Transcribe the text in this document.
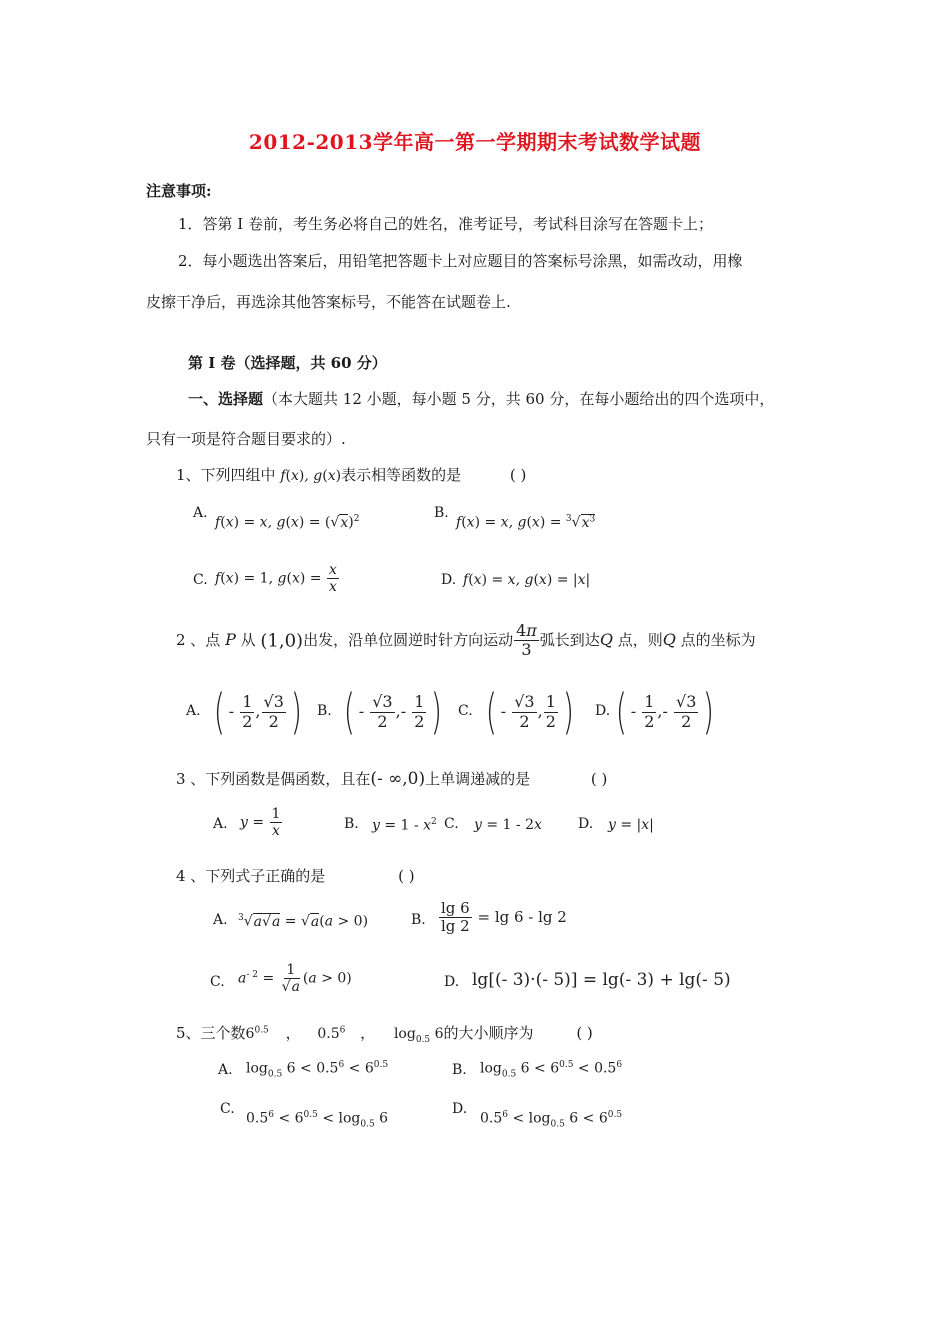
2012-2013学年高一第一学期期末考试数学试题
注意事项:
1．答第 I 卷前，考生务必将自己的姓名，准考证号，考试科目涂写在答题卡上；
2．每小题选出答案后，用铅笔把答题卡上对应题目的答案标号涂黑，如需改动，用橡
皮擦干净后，再选涂其他答案标号，不能答在试题卷上.
第 I 卷（选择题，共 60 分）
一、选择题（本大题共 12 小题，每小题 5 分，共 60 分，在每小题给出的四个选项中，
只有一项是符合题目要求的）.
1、下列四组中 f(x), g(x)表示相等函数的是	( )
A.
f(x) = x, $g(x) = (√x)^2$	B.
f(x) = x, $g(x) = ^3√x^3$
C. f(x) = 1, $g(x) = \frac{x}{x}$	D. f(x) = x, g(x) = |x|
2 、点 P 从 (1,0)出发，沿单位圆逆时针方向运动 $\frac{4\pi}{3}$ 弧长到达Q 点，则Q 点的坐标为
A. ( - $\frac{1}{2}$ , $\frac{√3}{2}$ ) B. ( - $\frac{√3}{2}$ ,- $\frac{1}{2}$ ) C. ( - $\frac{√3}{2}$ , $\frac{1}{2}$ ) D. ( - $\frac{1}{2}$ ,- $\frac{√3}{2}$ )
3 、下列函数是偶函数，且在(- ∞,0)上单调递减的是	( )
A. $y = \frac{1}{x}$	B. $y = 1 - x^2$ C. y = 1 - 2x	D. y = |x|
4 、下列式子正确的是	( )
A. $^3$√a√a = √a(a > 0)	B. $\frac{\lg 6}{\lg 2} = \lg 6 - \lg 2$
C. $a^{- 2} = \frac{1}{√a} (a > 0)$	D. lg[(- 3)·(- 5)] = lg(- 3) + lg(- 5)
5、三个数$6^{0.5}$ ， $0.5^6$ ， $\log_{0.5} 6$的大小顺序为	( )
A. $\log_{0.5} 6 < 0.5^6 < 6^{0.5}$	B. $\log_{0.5} 6 < 6^{0.5} < 0.5^6$
C.
$0.5^6 < 6^{0.5} < \log_{0.5} 6$
D.
$0.5^6 < \log_{0.5} 6 < 6^{0.5}$
